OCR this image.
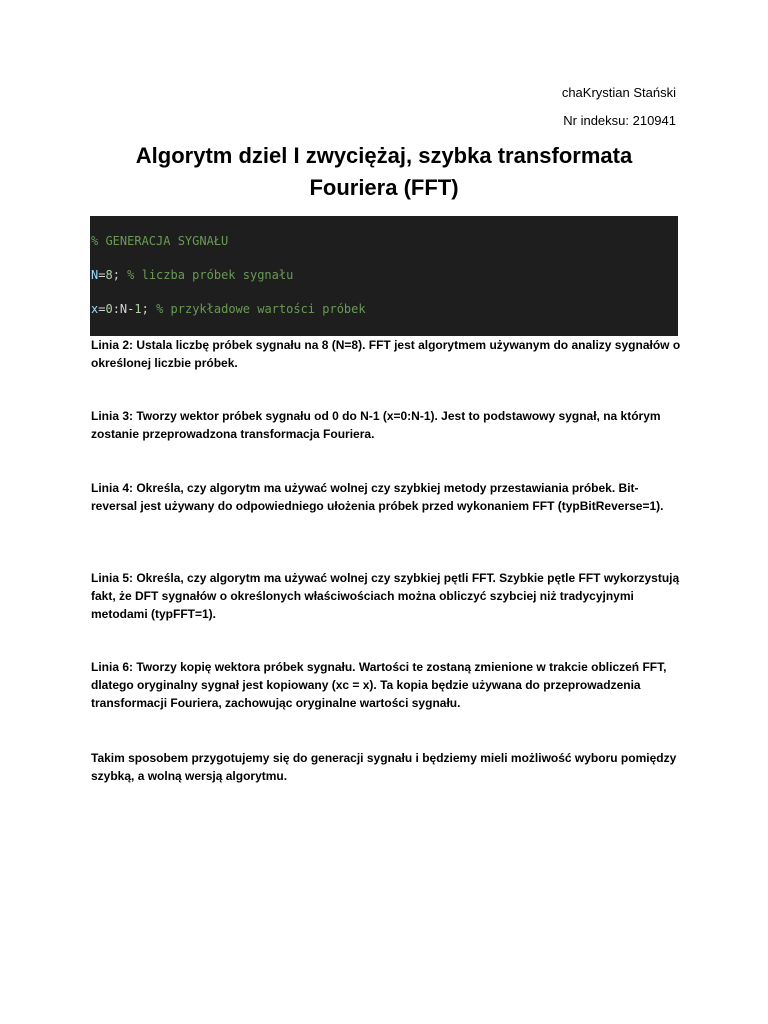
chaKrystian Stański
Nr indeksu: 210941
Algorytm dziel I zwyciężaj, szybka transformata
Fouriera (FFT)

% GENERACJA SYGNAŁU

N=8; % liczba próbek sygnału

x=0:N-1; % przykładowe wartości próbek

Linia 2: Ustala liczbę próbek sygnału na 8 (N=8). FFT jest algorytmem używanym do analizy sygnałów o określonej liczbie próbek.

Linia 3: Tworzy wektor próbek sygnału od 0 do N-1 (x=0:N-1). Jest to podstawowy sygnał, na którym zostanie przeprowadzona transformacja Fouriera.

Linia 4: Określa, czy algorytm ma używać wolnej czy szybkiej metody przestawiania próbek. Bit-reversal jest używany do odpowiedniego ułożenia próbek przed wykonaniem FFT (typBitReverse=1).

Linia 5: Określa, czy algorytm ma używać wolnej czy szybkiej pętli FFT. Szybkie pętle FFT wykorzystują fakt, że DFT sygnałów o określonych właściwościach można obliczyć szybciej niż tradycyjnymi metodami (typFFT=1).

Linia 6: Tworzy kopię wektora próbek sygnału. Wartości te zostaną zmienione w trakcie obliczeń FFT, dlatego oryginalny sygnał jest kopiowany (xc = x). Ta kopia będzie używana do przeprowadzenia transformacji Fouriera, zachowując oryginalne wartości sygnału.

Takim sposobem przygotujemy się do generacji sygnału i będziemy mieli możliwość wyboru pomiędzy szybką, a wolną wersją algorytmu.
